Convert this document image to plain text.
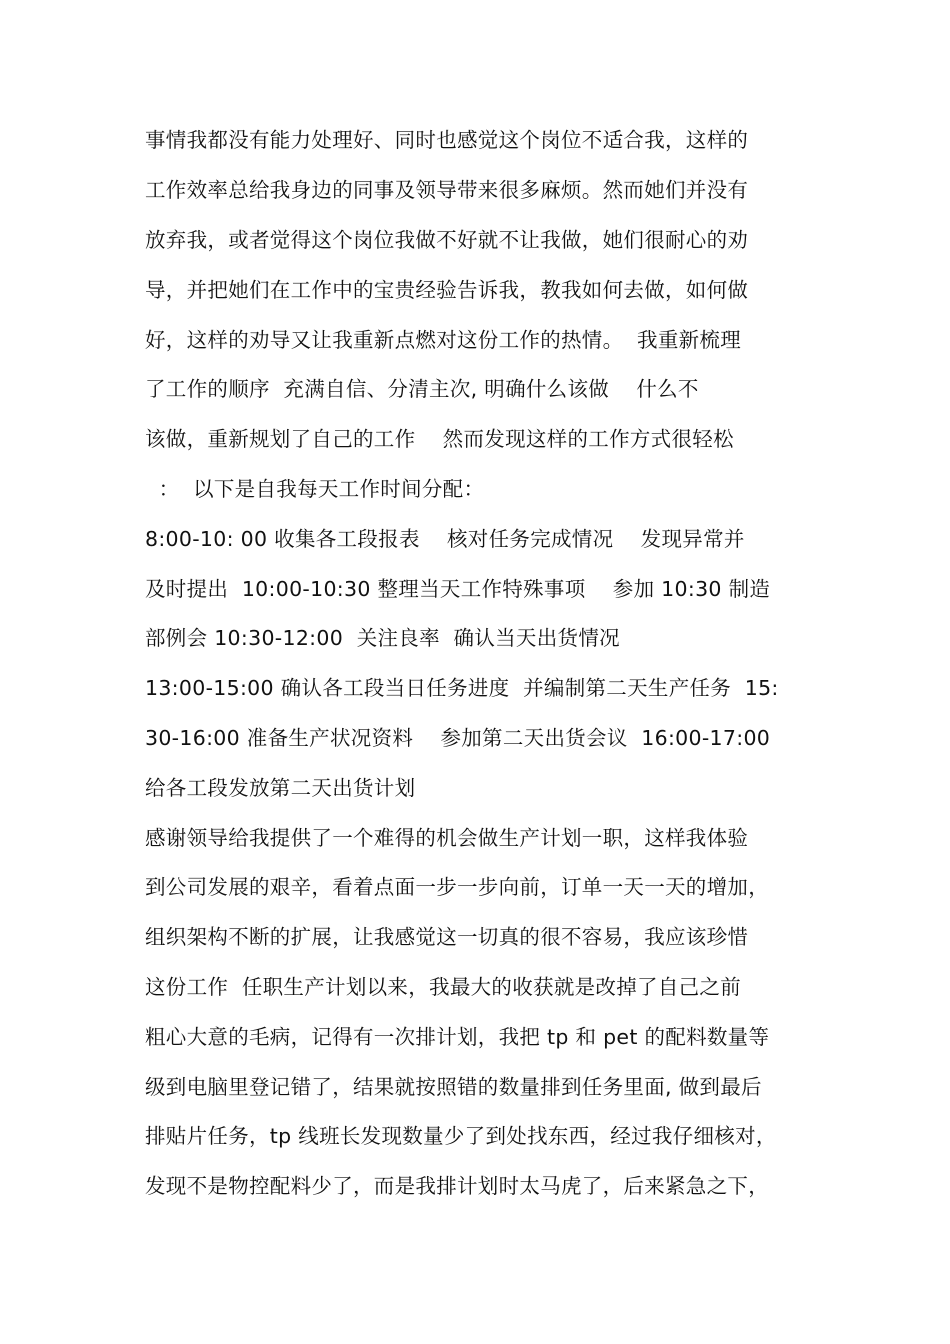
事情我都没有能力处理好、同时也感觉这个岗位不适合我，这样的
工作效率总给我身边的同事及领导带来很多麻烦。然而她们并没有
放弃我，或者觉得这个岗位我做不好就不让我做，她们很耐心的劝
导，并把她们在工作中的宝贵经验告诉我，教我如何去做，如何做
好，这样的劝导又让我重新点燃对这份工作的热情。  我重新梳理
了工作的顺序  充满自信、分清主次, 明确什么该做    什么不
该做，重新规划了自己的工作    然而发现这样的工作方式很轻松
：  以下是自我每天工作时间分配：
8:00-10: 00 收集各工段报表    核对任务完成情况    发现异常并
及时提出  10:00-10:30 整理当天工作特殊事项    参加 10:30 制造
部例会 10:30-12:00  关注良率  确认当天出货情况
13:00-15:00 确认各工段当日任务进度  并编制第二天生产任务  15:
30-16:00 准备生产状况资料    参加第二天出货会议  16:00-17:00
给各工段发放第二天出货计划
感谢领导给我提供了一个难得的机会做生产计划一职，这样我体验
到公司发展的艰辛，看着点面一步一步向前，订单一天一天的增加，
组织架构不断的扩展，让我感觉这一切真的很不容易，我应该珍惜
这份工作  任职生产计划以来，我最大的收获就是改掉了自己之前
粗心大意的毛病，记得有一次排计划，我把 tp 和 pet 的配料数量等
级到电脑里登记错了，结果就按照错的数量排到任务里面, 做到最后
排贴片任务，tp 线班长发现数量少了到处找东西，经过我仔细核对，
发现不是物控配料少了，而是我排计划时太马虎了，后来紧急之下，
